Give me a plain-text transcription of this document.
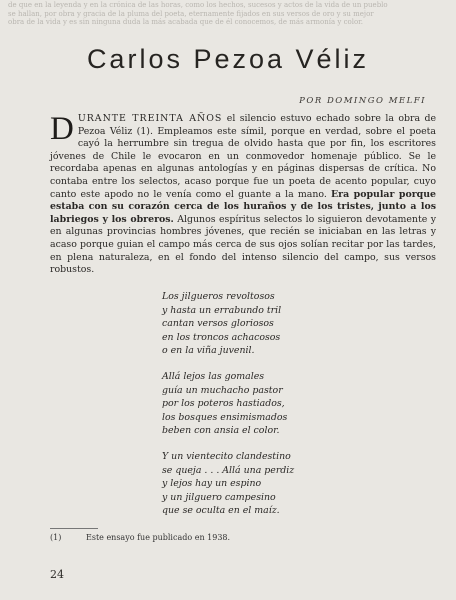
de que en la leyenda y en la crónica de las horas, como los hechos, sucesos y actos de la vida de un pueblo
se hallan, por obra y gracia de la pluma del poeta, eternamente fijados en sus versos de oro y su mejor
obra de la vida y es sin ninguna duda la más acabada que de él conocemos, de más armonía y color.
Carlos Pezoa Véliz
POR DOMINGO MELFI

DURANTE TREINTA AÑOS el silencio estuvo echado sobre la obra de Pezoa Véliz (1). Empleamos este símil, porque en verdad, sobre el poeta cayó la herrumbre sin tregua de olvido hasta que por fin, los escritores jóvenes de Chile le evocaron en un conmovedor homenaje público. Se le recordaba apenas en algunas antologías y en páginas dispersas de crítica. No contaba entre los selectos, acaso porque fue un poeta de acento popular, cuyo canto este apodo no le venía como el guante a la mano. Era popular porque estaba con su corazón cerca de los huraños y de los tristes, junto a los labriegos y los obreros. Algunos espíritus selectos lo siguieron devotamente y en algunas provincias hombres jóvenes, que recién se iniciaban en las letras y acaso porque guian el campo más cerca de sus ojos solían recitar por las tardes, en plena naturaleza, en el fondo del intenso silencio del campo, sus versos robustos.

Los jilgueros revoltosos
y hasta un errabundo tril
cantan versos gloriosos
en los troncos achacosos
o en la viña juvenil.
Allá lejos las gomales
guía un muchacho pastor
por los poteros hastiados,
los bosques ensimismados
beben con ansia el color.
Y un vientecito clandestino
se queja . . . Allá una perdiz
y lejos hay un espino
y un jilguero campesino
que se oculta en el maíz.
(1)	Este ensayo fue publicado en 1938.
24
